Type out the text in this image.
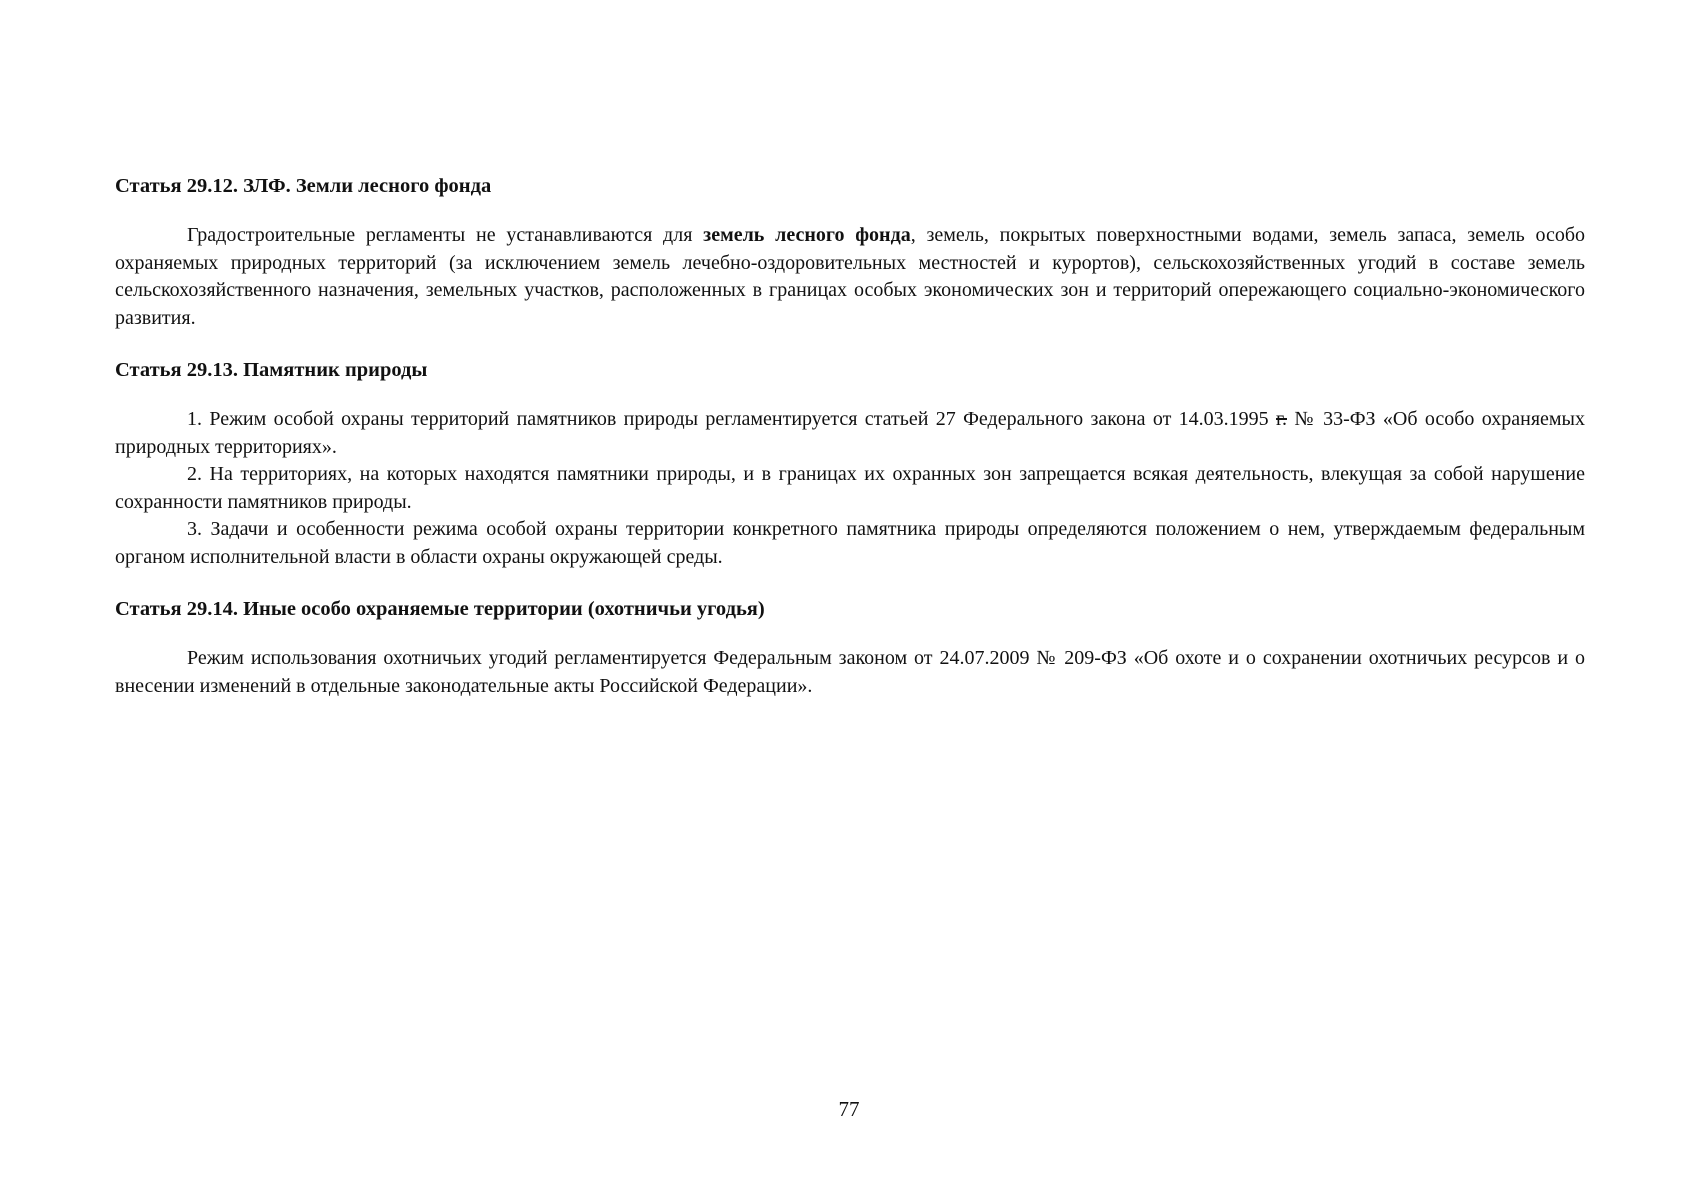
Статья 29.12. ЗЛФ. Земли лесного фонда

Градостроительные регламенты не устанавливаются для земель лесного фонда, земель, покрытых поверхностными водами, земель запаса, земель особо охраняемых природных территорий (за исключением земель лечебно-оздоровительных местностей и курортов), сельскохозяйственных угодий в составе земель сельскохозяйственного назначения, земельных участков, расположенных в границах особых экономических зон и территорий опережающего социально-экономического развития.

Статья 29.13. Памятник природы

1. Режим особой охраны территорий памятников природы регламентируется статьей 27 Федерального закона от 14.03.1995 г. № 33-ФЗ «Об особо охраняемых природных территориях».

2. На территориях, на которых находятся памятники природы, и в границах их охранных зон запрещается всякая деятельность, влекущая за собой нарушение сохранности памятников природы.

3. Задачи и особенности режима особой охраны территории конкретного памятника природы определяются положением о нем, утверждаемым федеральным органом исполнительной власти в области охраны окружающей среды.

Статья 29.14. Иные особо охраняемые территории (охотничьи угодья)

Режим использования охотничьих угодий регламентируется Федеральным законом от 24.07.2009 № 209-ФЗ «Об охоте и о сохранении охотничьих ресурсов и о внесении изменений в отдельные законодательные акты Российской Федерации».

77
